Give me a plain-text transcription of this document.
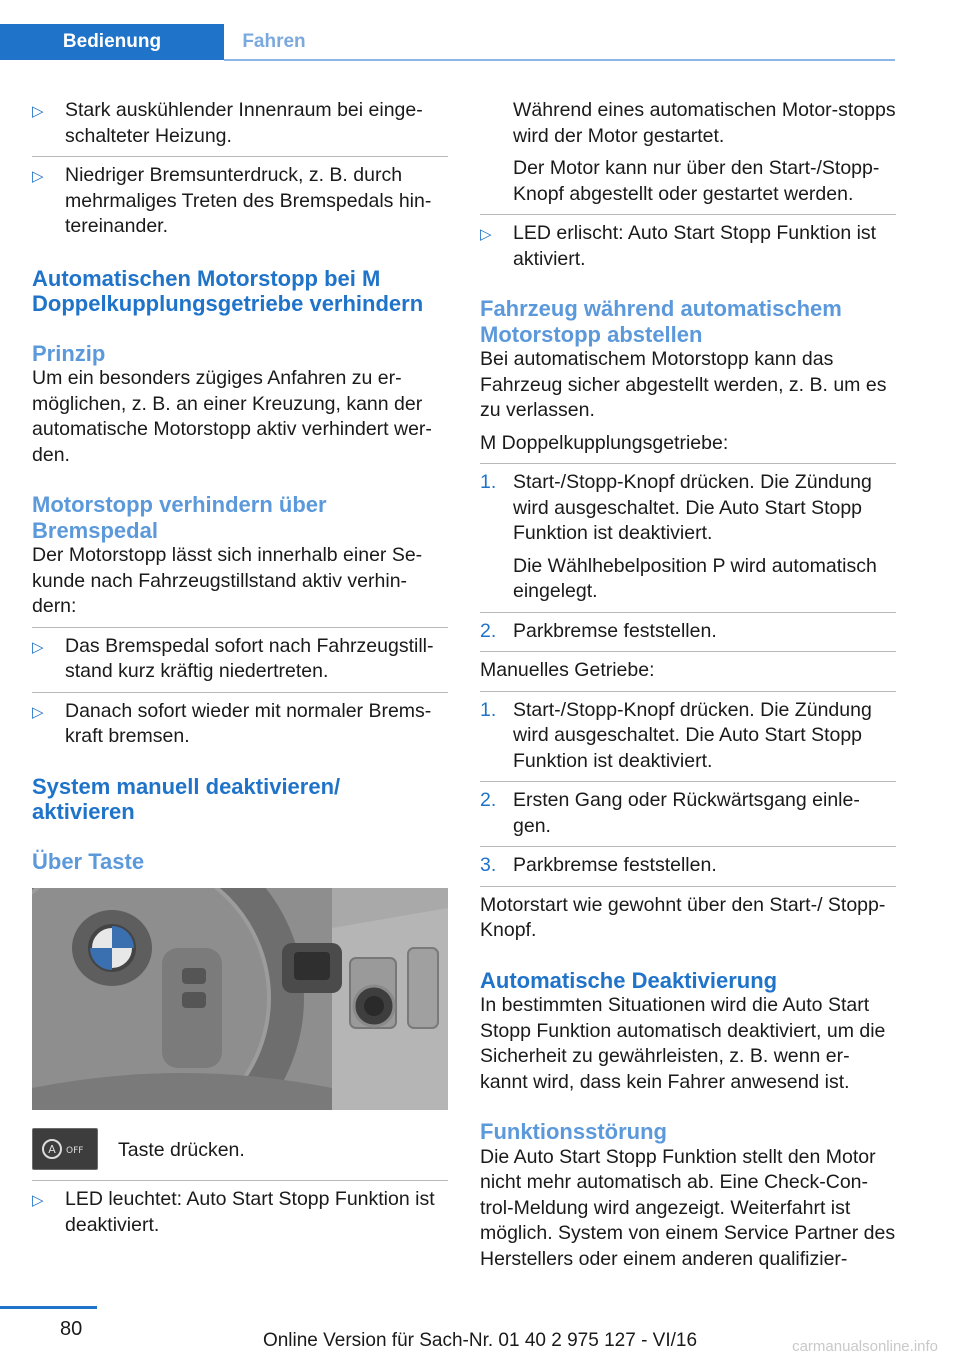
Bedienung	Fahren
▷	Stark auskühlender Innenraum bei einge-schalteter Heizung.
▷	Niedriger Bremsunterdruck, z. B. durch mehrmaliges Treten des Bremspedals hin-tereinander.
Automatischen Motorstopp bei M Doppelkupplungsgetriebe verhindern
Prinzip

Um ein besonders zügiges Anfahren zu er-möglichen, z. B. an einer Kreuzung, kann der automatische Motorstopp aktiv verhindert wer-den.

Motorstopp verhindern über Bremspedal

Der Motorstopp lässt sich innerhalb einer Se-kunde nach Fahrzeugstillstand aktiv verhin-dern:

▷	Das Bremspedal sofort nach Fahrzeugstill-stand kurz kräftig niedertreten.
▷	Danach sofort wieder mit normaler Brems-kraft bremsen.
System manuell deaktivieren/ aktivieren
Über Taste
A OFF Taste drücken.
▷	LED leuchtet: Auto Start Stopp Funktion ist deaktiviert.

Während eines automatischen Motor-stopps wird der Motor gestartet.

Der Motor kann nur über den Start-/Stopp-Knopf abgestellt oder gestartet werden.

▷	LED erlischt: Auto Start Stopp Funktion ist aktiviert.
Fahrzeug während automatischem Motorstopp abstellen

Bei automatischem Motorstopp kann das Fahrzeug sicher abgestellt werden, z. B. um es zu verlassen.

M Doppelkupplungsgetriebe:

1. Start-/Stopp-Knopf drücken. Die Zündung wird ausgeschaltet. Die Auto Start Stopp Funktion ist deaktiviert.

Die Wählhebelposition P wird automatisch eingelegt.

2. Parkbremse feststellen.

Manuelles Getriebe:

1. Start-/Stopp-Knopf drücken. Die Zündung wird ausgeschaltet. Die Auto Start Stopp Funktion ist deaktiviert.
2. Ersten Gang oder Rückwärtsgang einle-gen.
3. Parkbremse feststellen.

Motorstart wie gewohnt über den Start-/ Stopp-Knopf.

Automatische Deaktivierung

In bestimmten Situationen wird die Auto Start Stopp Funktion automatisch deaktiviert, um die Sicherheit zu gewährleisten, z. B. wenn er-kannt wird, dass kein Fahrer anwesend ist.

Funktionsstörung

Die Auto Start Stopp Funktion stellt den Motor nicht mehr automatisch ab. Eine Check-Con-trol-Meldung wird angezeigt. Weiterfahrt ist möglich. System von einem Service Partner des Herstellers oder einem anderen qualifizier-

80
Online Version für Sach-Nr. 01 40 2 975 127 - VI/16	carmanualsonline.info
